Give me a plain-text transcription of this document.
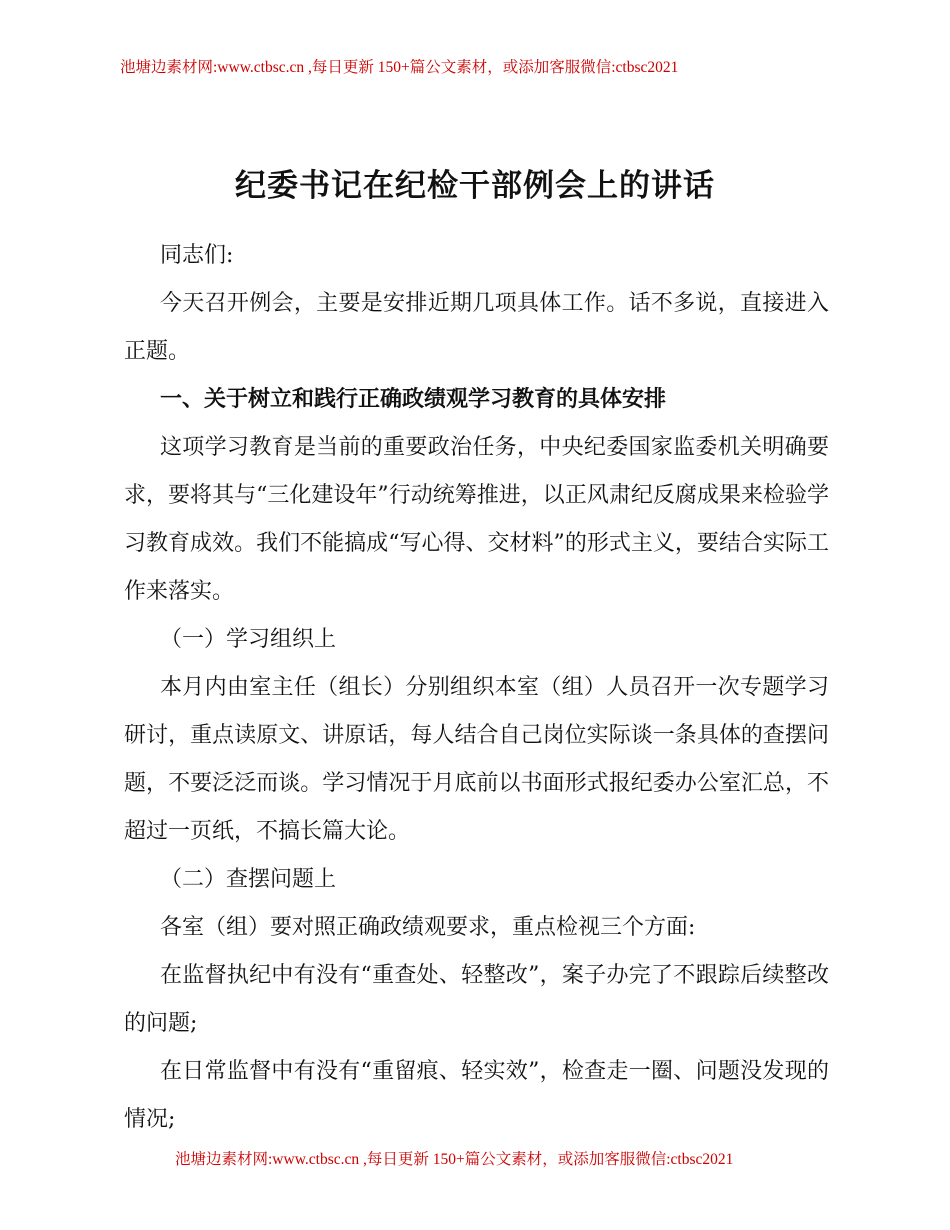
池塘边素材网:www.ctbsc.cn ,每日更新 150+篇公文素材，或添加客服微信:ctbsc2021
纪委书记在纪检干部例会上的讲话

同志们:

今天召开例会，主要是安排近期几项具体工作。话不多说，直接进入正题。

一、关于树立和践行正确政绩观学习教育的具体安排

这项学习教育是当前的重要政治任务，中央纪委国家监委机关明确要求，要将其与“三化建设年”行动统筹推进，以正风肃纪反腐成果来检验学习教育成效。我们不能搞成“写心得、交材料”的形式主义，要结合实际工作来落实。

（一）学习组织上

本月内由室主任（组长）分别组织本室（组）人员召开一次专题学习研讨，重点读原文、讲原话，每人结合自己岗位实际谈一条具体的查摆问题，不要泛泛而谈。学习情况于月底前以书面形式报纪委办公室汇总，不超过一页纸，不搞长篇大论。

（二）查摆问题上

各室（组）要对照正确政绩观要求，重点检视三个方面:

在监督执纪中有没有“重查处、轻整改”，案子办完了不跟踪后续整改的问题;

在日常监督中有没有“重留痕、轻实效”，检查走一圈、问题没发现的情况;

池塘边素材网:www.ctbsc.cn ,每日更新 150+篇公文素材，或添加客服微信:ctbsc2021
